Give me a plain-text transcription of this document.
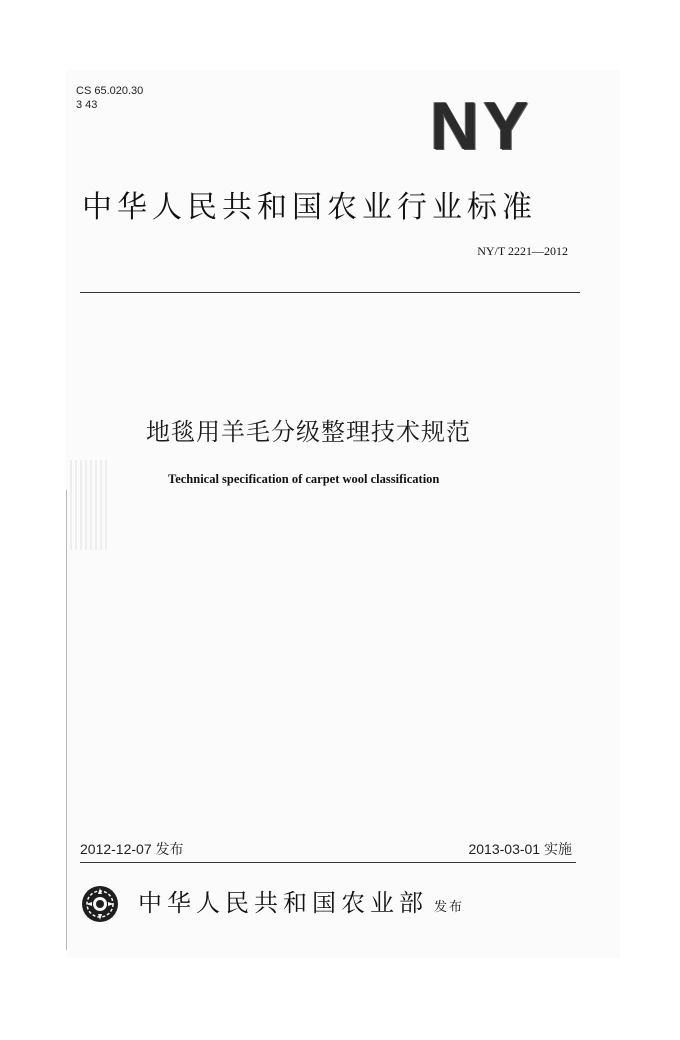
CS 65.020.30
3 43	NY
中华人民共和国农业行业标准
NY/T 2221—2012
地毯用羊毛分级整理技术规范
Technical specification of carpet wool classification
2012-12-07 发布	2013-03-01 实施
中华人民共和国农业部 发布
